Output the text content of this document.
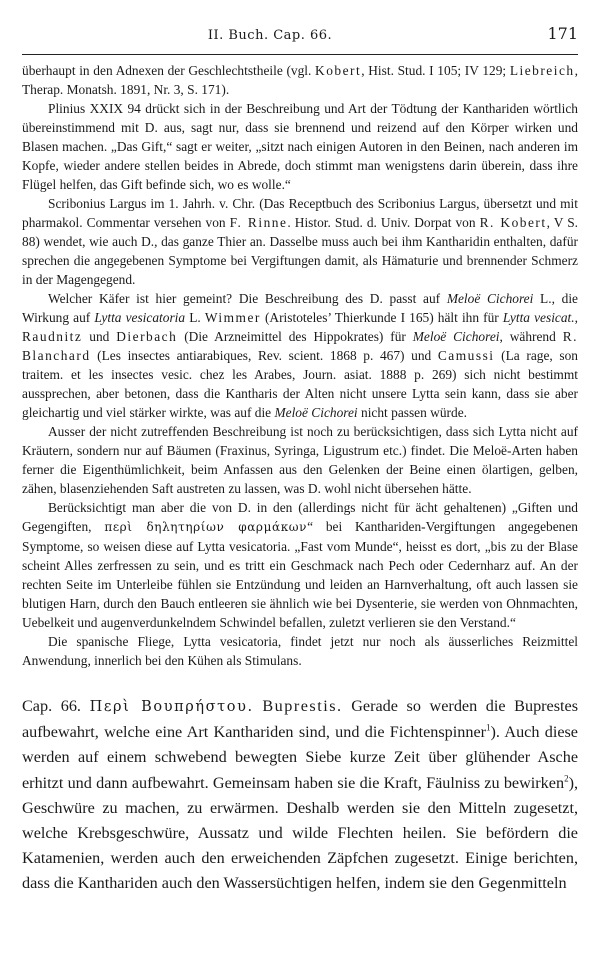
II. Buch. Cap. 66.	171

überhaupt in den Adnexen der Geschlechtstheile (vgl. Kobert, Hist. Stud. I 105; IV 129; Liebreich, Therap. Monatsh. 1891, Nr. 3, S. 171).

Plinius XXIX 94 drückt sich in der Beschreibung und Art der Tödtung der Kanthariden wörtlich übereinstimmend mit D. aus, sagt nur, dass sie brennend und reizend auf den Körper wirken und Blasen machen. „Das Gift,“ sagt er weiter, „sitzt nach einigen Autoren in den Beinen, nach anderen im Kopfe, wieder andere stellen beides in Abrede, doch stimmt man wenigstens darin überein, dass ihre Flügel helfen, das Gift befinde sich, wo es wolle.“

Scribonius Largus im 1. Jahrh. v. Chr. (Das Receptbuch des Scribonius Largus, übersetzt und mit pharmakol. Commentar versehen von F. Rinne. Histor. Stud. d. Univ. Dorpat von R. Kobert, V S. 88) wendet, wie auch D., das ganze Thier an. Dasselbe muss auch bei ihm Kantharidin enthalten, dafür sprechen die angegebenen Symptome bei Vergiftungen damit, als Hämaturie und brennender Schmerz in der Magengegend.

Welcher Käfer ist hier gemeint? Die Beschreibung des D. passt auf Meloë Cichorei L., die Wirkung auf Lytta vesicatoria L. Wimmer (Aristoteles’ Thierkunde I 165) hält ihn für Lytta vesicat., Raudnitz und Dierbach (Die Arzneimittel des Hippokrates) für Meloë Cichorei, während R. Blanchard (Les insectes antiarabiques, Rev. scient. 1868 p. 467) und Camussi (La rage, son traitem. et les insectes vesic. chez les Arabes, Journ. asiat. 1888 p. 269) sich nicht bestimmt aussprechen, aber betonen, dass die Kantharis der Alten nicht unsere Lytta sein kann, dass sie aber gleichartig und viel stärker wirkte, was auf die Meloë Cichorei nicht passen würde.

Ausser der nicht zutreffenden Beschreibung ist noch zu berücksichtigen, dass sich Lytta nicht auf Kräutern, sondern nur auf Bäumen (Fraxinus, Syringa, Ligustrum etc.) findet. Die Meloë-Arten haben ferner die Eigenthümlichkeit, beim Anfassen aus den Gelenken der Beine einen ölartigen, gelben, zähen, blasenziehenden Saft austreten zu lassen, was D. wohl nicht übersehen hätte.

Berücksichtigt man aber die von D. in den (allerdings nicht für ächt gehaltenen) „Giften und Gegengiften, περὶ δηλητηρίων φαρμάκων“ bei Kanthariden-Vergiftungen angegebenen Symptome, so weisen diese auf Lytta vesicatoria. „Fast vom Munde“, heisst es dort, „bis zu der Blase scheint Alles zerfressen zu sein, und es tritt ein Geschmack nach Pech oder Cedernharz auf. An der rechten Seite im Unterleibe fühlen sie Entzündung und leiden an Harnverhaltung, oft auch lassen sie blutigen Harn, durch den Bauch entleeren sie ähnlich wie bei Dysenterie, sie werden von Ohnmachten, Uebelkeit und augenverdunkelndem Schwindel befallen, zuletzt verlieren sie den Verstand.“

Die spanische Fliege, Lytta vesicatoria, findet jetzt nur noch als äusserliches Reizmittel Anwendung, innerlich bei den Kühen als Stimulans.

Cap. 66. Περὶ Βουπρήστου. Buprestis. Gerade so werden die Buprestes aufbewahrt, welche eine Art Kanthariden sind, und die Fichtenspinner$^1$). Auch diese werden auf einem schwebend bewegten Siebe kurze Zeit über glühender Asche erhitzt und dann aufbewahrt. Gemeinsam haben sie die Kraft, Fäulniss zu bewirken$^2$), Geschwüre zu machen, zu erwärmen. Deshalb werden sie den Mitteln zugesetzt, welche Krebsgeschwüre, Aussatz und wilde Flechten heilen. Sie befördern die Katamenien, werden auch den erweichenden Zäpfchen zugesetzt. Einige berichten, dass die Kanthariden auch den Wassersüchtigen helfen, indem sie den Gegenmitteln
